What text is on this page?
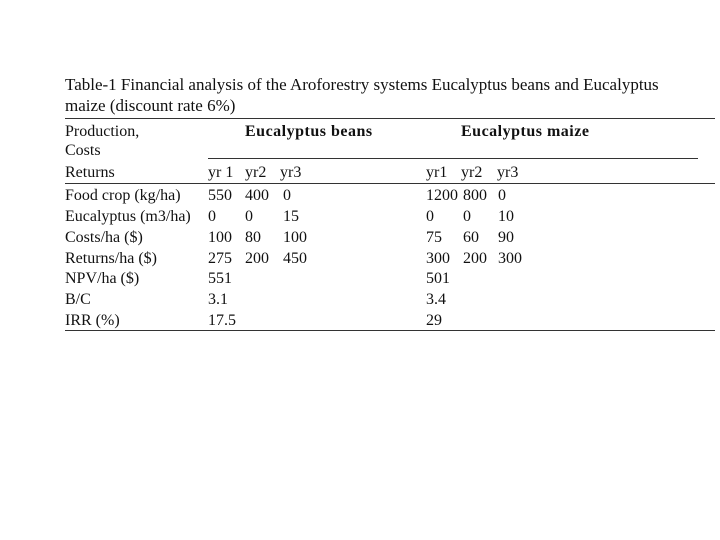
Table-1 Financial analysis of the Aroforestry systems Eucalyptus beans and Eucalyptus
maize (discount rate 6%)
Production,
Costs
Returns
Eucalyptus beans	Eucalyptus maize
yr 1 yr2 yr3	yr1 yr2 yr3
Food crop (kg/ha) 550 400 0	1200 800 0
Eucalyptus (m3/ha) 0 0 15	0 0 10
Costs/ha ($)	100 80 100	75 60 90
Returns/ha ($)	275 200 450	300 200 300
NPV/ha ($)	551	501
B/C	3.1	3.4
IRR (%)	17.5	29
